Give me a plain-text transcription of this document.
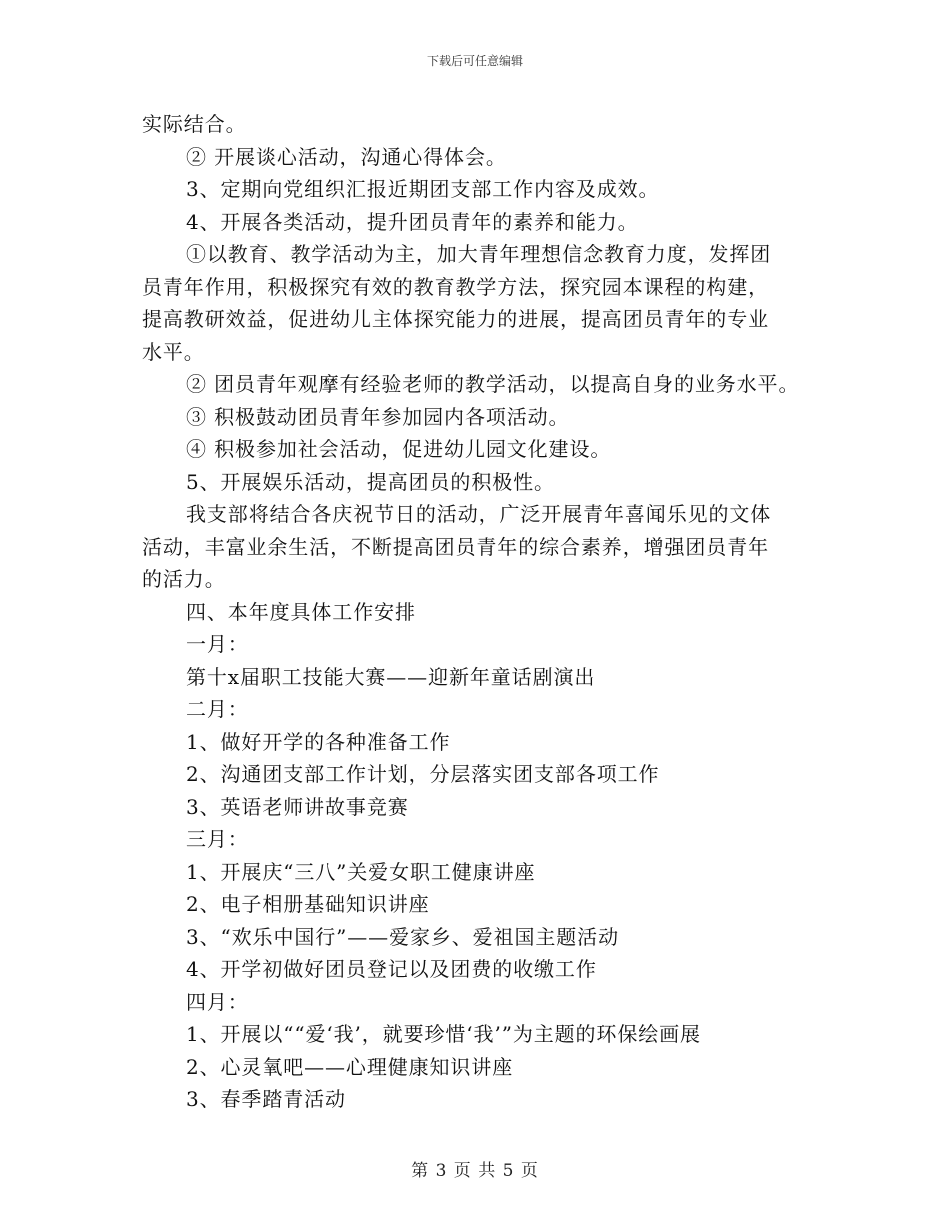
下载后可任意编辑
实际结合。
② 开展谈心活动，沟通心得体会。
3、定期向党组织汇报近期团支部工作内容及成效。
4、开展各类活动，提升团员青年的素养和能力。
①以教育、教学活动为主，加大青年理想信念教育力度，发挥团
员青年作用，积极探究有效的教育教学方法，探究园本课程的构建，
提高教研效益，促进幼儿主体探究能力的进展，提高团员青年的专业
水平。
② 团员青年观摩有经验老师的教学活动，以提高自身的业务水平。
③ 积极鼓动团员青年参加园内各项活动。
④ 积极参加社会活动，促进幼儿园文化建设。
5、开展娱乐活动，提高团员的积极性。
我支部将结合各庆祝节日的活动，广泛开展青年喜闻乐见的文体
活动，丰富业余生活，不断提高团员青年的综合素养，增强团员青年
的活力。
四、本年度具体工作安排
一月：
第十x届职工技能大赛——迎新年童话剧演出
二月：
1、做好开学的各种准备工作
2、沟通团支部工作计划，分层落实团支部各项工作
3、英语老师讲故事竞赛
三月：
1、开展庆“三八”关爱女职工健康讲座
2、电子相册基础知识讲座
3、“欢乐中国行”——爱家乡、爱祖国主题活动
4、开学初做好团员登记以及团费的收缴工作
四月：
1、开展以““爱‘我’，就要珍惜‘我’”为主题的环保绘画展
2、心灵氧吧——心理健康知识讲座
3、春季踏青活动
第 3 页 共 5 页
